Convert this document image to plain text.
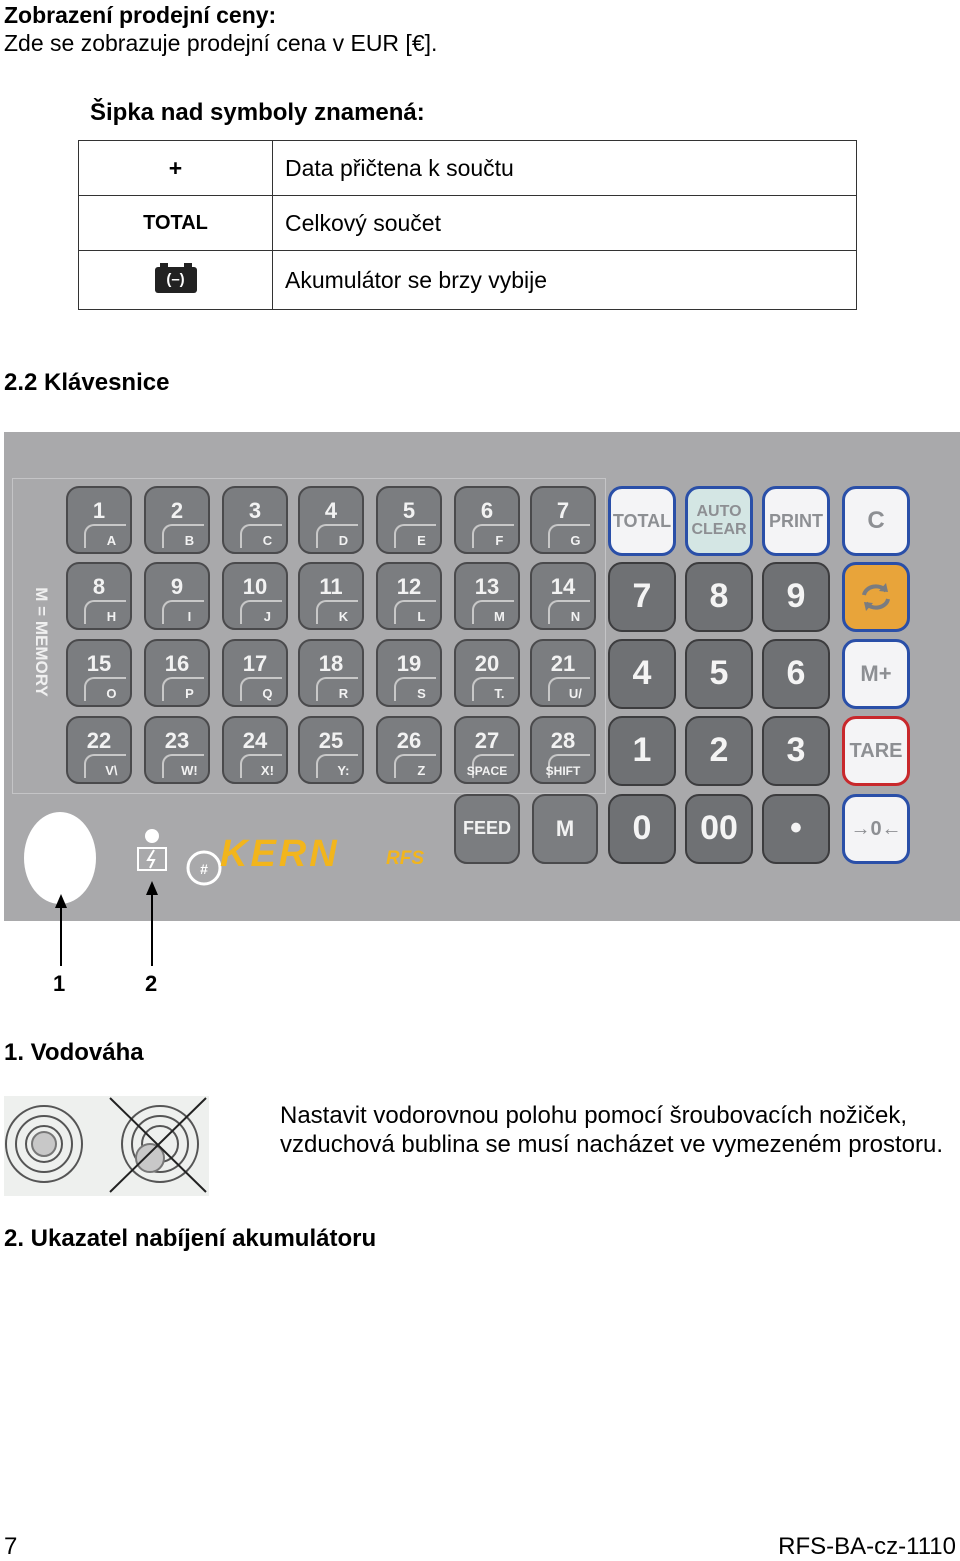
Zobrazení prodejní ceny:
Zde se zobrazuje prodejní cena v EUR [€].
Šipka nad symboly znamená:
+	Data přičtena k součtu
TOTAL	Celkový součet
(–)	Akumulátor se brzy vybije
2.2 Klávesnice
M = MEMORY
1
A
2
B
3
C
4
D
5
E
6
F
7
G
8
H
9
I
10
J
11
K
12
L
13
M
14
N
15
O
16
P
17
Q
18
R
19
S
20
T.
21
U/
22
V\
23
W!
24
X!
25
Y:
26
Z
27
SPACE
28
SHIFT
FEED	M
TOTAL	AUTO CLEAR	PRINT	C
M+
TARE
→0←
7	8	9
4	5	6
1	2	3
0	00	•
# KERN RFS
1	2
1. Vodováha
Nastavit vodorovnou polohu pomocí šroubovacích nožiček, vzduchová bublina se musí nacházet ve vymezeném prostoru.
2. Ukazatel nabíjení akumulátoru
7	RFS-BA-cz-1110
